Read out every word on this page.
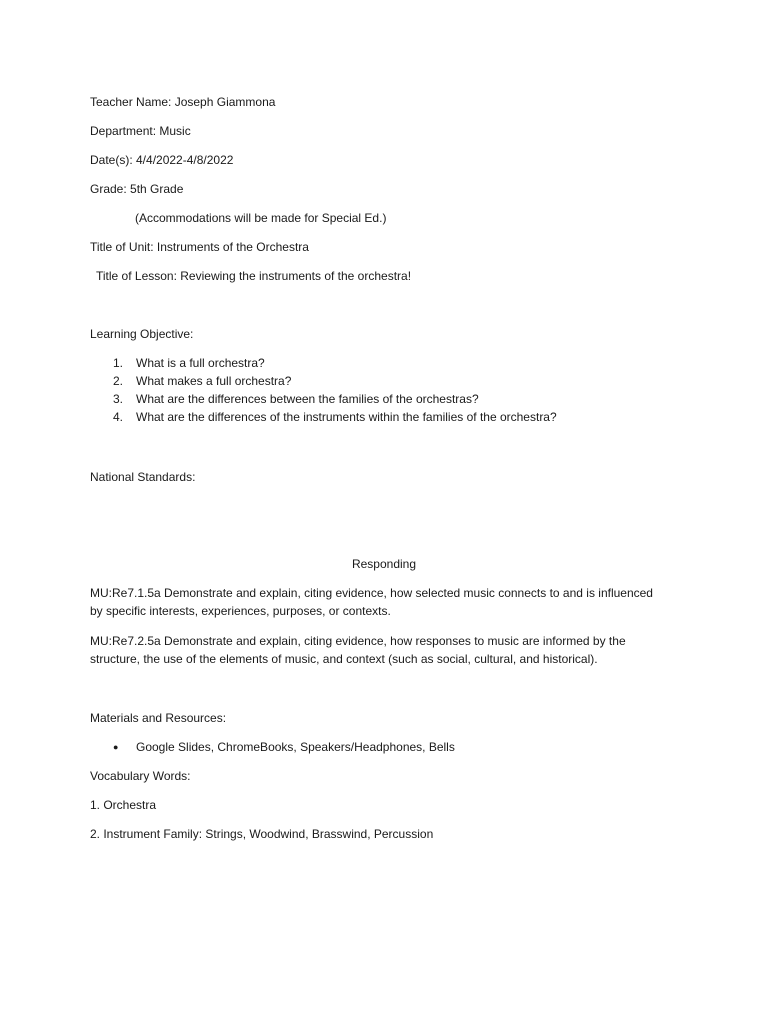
Teacher Name: Joseph Giammona
Department: Music
Date(s): 4/4/2022-4/8/2022
Grade: 5th Grade
(Accommodations will be made for Special Ed.)
Title of Unit: Instruments of the Orchestra
Title of Lesson: Reviewing the instruments of the orchestra!
Learning Objective:
1. What is a full orchestra?
2. What makes a full orchestra?
3. What are the differences between the families of the orchestras?
4. What are the differences of the instruments within the families of the orchestra?
National Standards:
Responding
MU:Re7.1.5a Demonstrate and explain, citing evidence, how selected music connects to and is influenced by specific interests, experiences, purposes, or contexts.
MU:Re7.2.5a Demonstrate and explain, citing evidence, how responses to music are informed by the structure, the use of the elements of music, and context (such as social, cultural, and historical).
Materials and Resources:
● Google Slides, ChromeBooks, Speakers/Headphones, Bells
Vocabulary Words:
1. Orchestra
2. Instrument Family: Strings, Woodwind, Brasswind, Percussion
